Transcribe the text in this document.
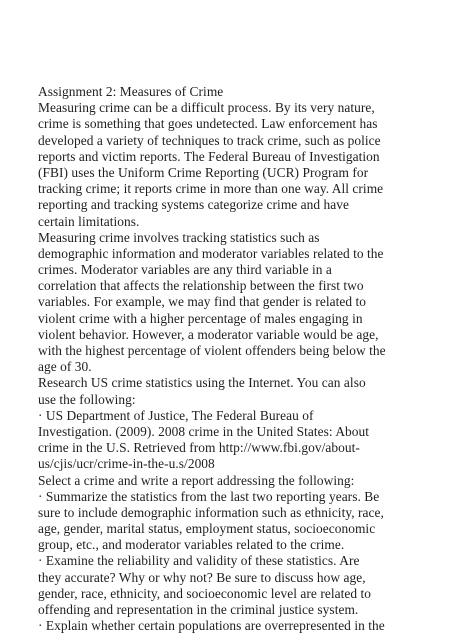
Assignment 2: Measures of Crime
Measuring crime can be a difficult process. By its very nature,
crime is something that goes undetected. Law enforcement has
developed a variety of techniques to track crime, such as police
reports and victim reports. The Federal Bureau of Investigation
(FBI) uses the Uniform Crime Reporting (UCR) Program for
tracking crime; it reports crime in more than one way. All crime
reporting and tracking systems categorize crime and have
certain limitations.
Measuring crime involves tracking statistics such as
demographic information and moderator variables related to the
crimes. Moderator variables are any third variable in a
correlation that affects the relationship between the first two
variables. For example, we may find that gender is related to
violent crime with a higher percentage of males engaging in
violent behavior. However, a moderator variable would be age,
with the highest percentage of violent offenders being below the
age of 30.
Research US crime statistics using the Internet. You can also
use the following:
· US Department of Justice, The Federal Bureau of
Investigation. (2009). 2008 crime in the United States: About
crime in the U.S. Retrieved from http://www.fbi.gov/about-
us/cjis/ucr/crime-in-the-u.s/2008
Select a crime and write a report addressing the following:
· Summarize the statistics from the last two reporting years. Be
sure to include demographic information such as ethnicity, race,
age, gender, marital status, employment status, socioeconomic
group, etc., and moderator variables related to the crime.
· Examine the reliability and validity of these statistics. Are
they accurate? Why or why not? Be sure to discuss how age,
gender, race, ethnicity, and socioeconomic level are related to
offending and representation in the criminal justice system.
· Explain whether certain populations are overrepresented in the
